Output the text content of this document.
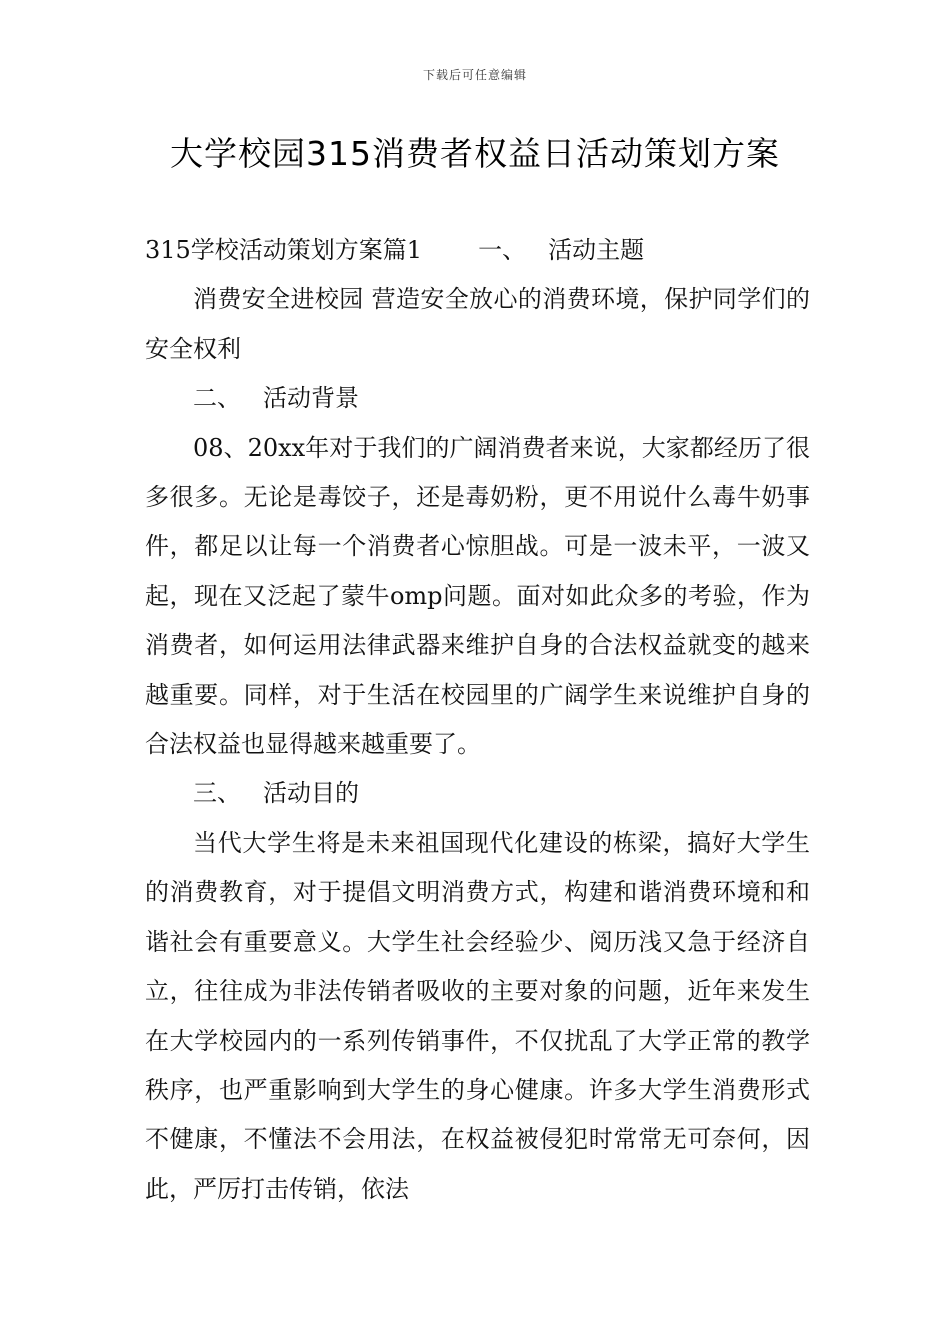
下载后可任意编辑
大学校园315消费者权益日活动策划方案

315学校活动策划方案篇1 一、 活动主题

消费安全进校园 营造安全放心的消费环境，保护同学们的安全权利

二、 活动背景

08、20xx年对于我们的广阔消费者来说，大家都经历了很多很多。无论是毒饺子，还是毒奶粉，更不用说什么毒牛奶事件，都足以让每一个消费者心惊胆战。可是一波未平，一波又起，现在又泛起了蒙牛omp问题。面对如此众多的考验，作为消费者，如何运用法律武器来维护自身的合法权益就变的越来越重要。同样，对于生活在校园里的广阔学生来说维护自身的合法权益也显得越来越重要了。

三、 活动目的

当代大学生将是未来祖国现代化建设的栋梁，搞好大学生的消费教育，对于提倡文明消费方式，构建和谐消费环境和和谐社会有重要意义。大学生社会经验少、阅历浅又急于经济自立，往往成为非法传销者吸收的主要对象的问题，近年来发生在大学校园内的一系列传销事件，不仅扰乱了大学正常的教学秩序，也严重影响到大学生的身心健康。许多大学生消费形式不健康，不懂法不会用法，在权益被侵犯时常常无可奈何，因此，严厉打击传销，依法
